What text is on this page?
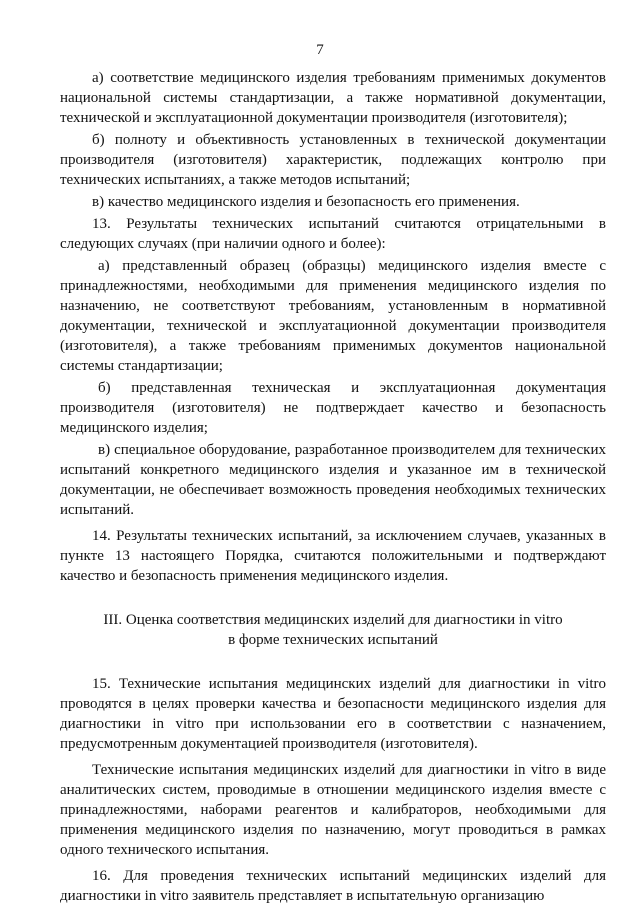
7

а) соответствие медицинского изделия требованиям применимых документов национальной системы стандартизации, а также нормативной документации, технической и эксплуатационной документации производителя (изготовителя);

б) полноту и объективность установленных в технической документации производителя (изготовителя) характеристик, подлежащих контролю при технических испытаниях, а также методов испытаний;

в) качество медицинского изделия и безопасность его применения.

13. Результаты технических испытаний считаются отрицательными в следующих случаях (при наличии одного и более):

а) представленный образец (образцы) медицинского изделия вместе с принадлежностями, необходимыми для применения медицинского изделия по назначению, не соответствуют требованиям, установленным в нормативной документации, технической и эксплуатационной документации производителя (изготовителя), а также требованиям применимых документов национальной системы стандартизации;

б) представленная техническая и эксплуатационная документация производителя (изготовителя) не подтверждает качество и безопасность медицинского изделия;

в) специальное оборудование, разработанное производителем для технических испытаний конкретного медицинского изделия и указанное им в технической документации, не обеспечивает возможность проведения необходимых технических испытаний.

14. Результаты технических испытаний, за исключением случаев, указанных в пункте 13 настоящего Порядка, считаются положительными и подтверждают качество и безопасность применения медицинского изделия.

III. Оценка соответствия медицинских изделий для диагностики in vitro
в форме технических испытаний

15. Технические испытания медицинских изделий для диагностики in vitro проводятся в целях проверки качества и безопасности медицинского изделия для диагностики in vitro при использовании его в соответствии с назначением, предусмотренным документацией производителя (изготовителя).

Технические испытания медицинских изделий для диагностики in vitro в виде аналитических систем, проводимые в отношении медицинского изделия вместе с принадлежностями, наборами реагентов и калибраторов, необходимыми для применения медицинского изделия по назначению, могут проводиться в рамках одного технического испытания.

16. Для проведения технических испытаний медицинских изделий для диагностики in vitro заявитель представляет в испытательную организацию
